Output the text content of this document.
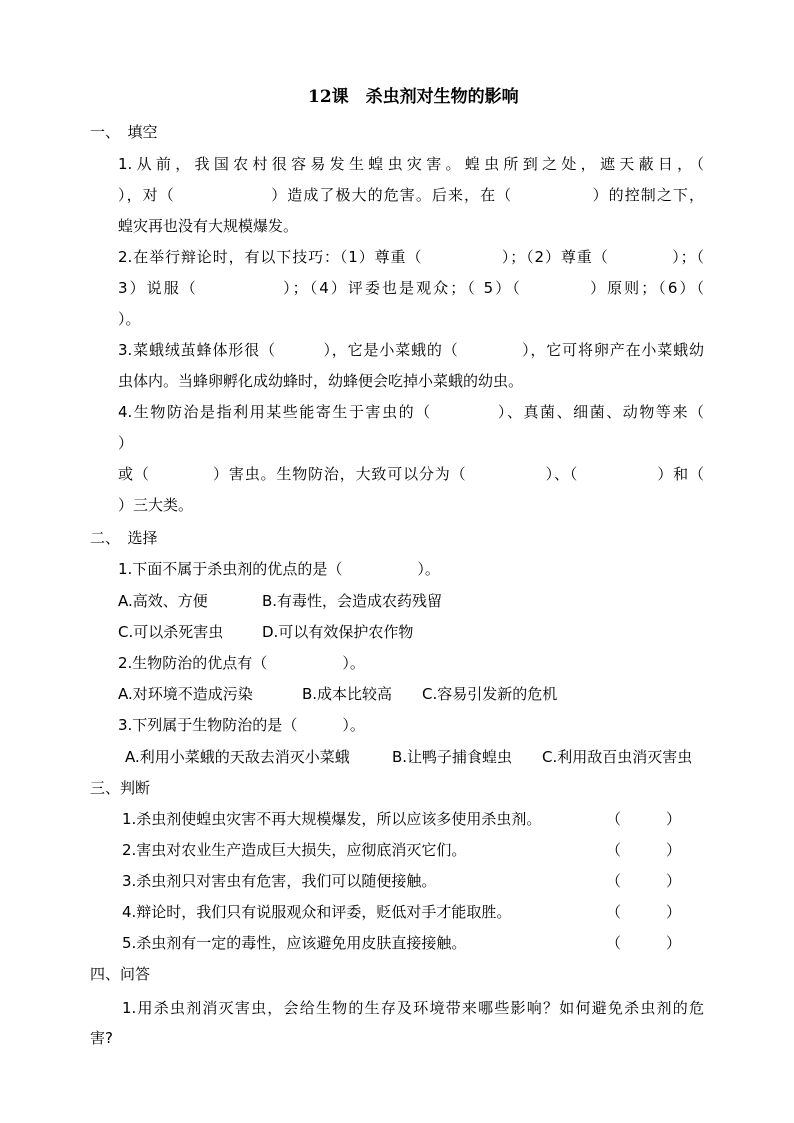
12课　杀虫剂对生物的影响
一、　填空
1.从前，我国农村很容易发生蝗虫灾害。蝗虫所到之处，遮天蔽日，（
），对（　　　　　　）造成了极大的危害。后来，在（　　　　　）的控制之下，
蝗灾再也没有大规模爆发。
2.在举行辩论时，有以下技巧：（1）尊重（　　　　　）；（2）尊重（　　　　）；（
3）说服（　　　　　）；（4）评委也是观众；（ 5）（　　　　）原则；（6）（
）。
3.菜蛾绒茧蜂体形很（　　　），它是小菜蛾的（　　　　），它可将卵产在小菜蛾幼
虫体内。当蜂卵孵化成幼蜂时，幼蜂便会吃掉小菜蛾的幼虫。
4.生物防治是指利用某些能寄生于害虫的（　　　　）、真菌、细菌、动物等来（
）
或（　　　　）害虫。生物防治，大致可以分为（　　　　　）、（　　　　　）和（
）三大类。
二、　选择
1.下面不属于杀虫剂的优点的是（　　　　　）。
A.高效、方便	B.有毒性，会造成农药残留
C.可以杀死害虫	D.可以有效保护农作物
2.生物防治的优点有（　　　　　）。
A.对环境不造成污染	B.成本比较高 C.容易引发新的危机
3.下列属于生物防治的是（　　　）。
A.利用小菜蛾的天敌去消灭小菜蛾	B.让鸭子捕食蝗虫 C.利用敌百虫消灭害虫
三、判断
1.杀虫剂使蝗虫灾害不再大规模爆发，所以应该多使用杀虫剂。	（　　　）
2.害虫对农业生产造成巨大损失，应彻底消灭它们。	（　　　）
3.杀虫剂只对害虫有危害，我们可以随便接触。	（　　　）
4.辩论时，我们只有说服观众和评委，贬低对手才能取胜。	（　　　）
5.杀虫剂有一定的毒性，应该避免用皮肤直接接触。	（　　　）
四、问答
1.用杀虫剂消灭害虫，会给生物的生存及环境带来哪些影响？如何避免杀虫剂的危
害?
